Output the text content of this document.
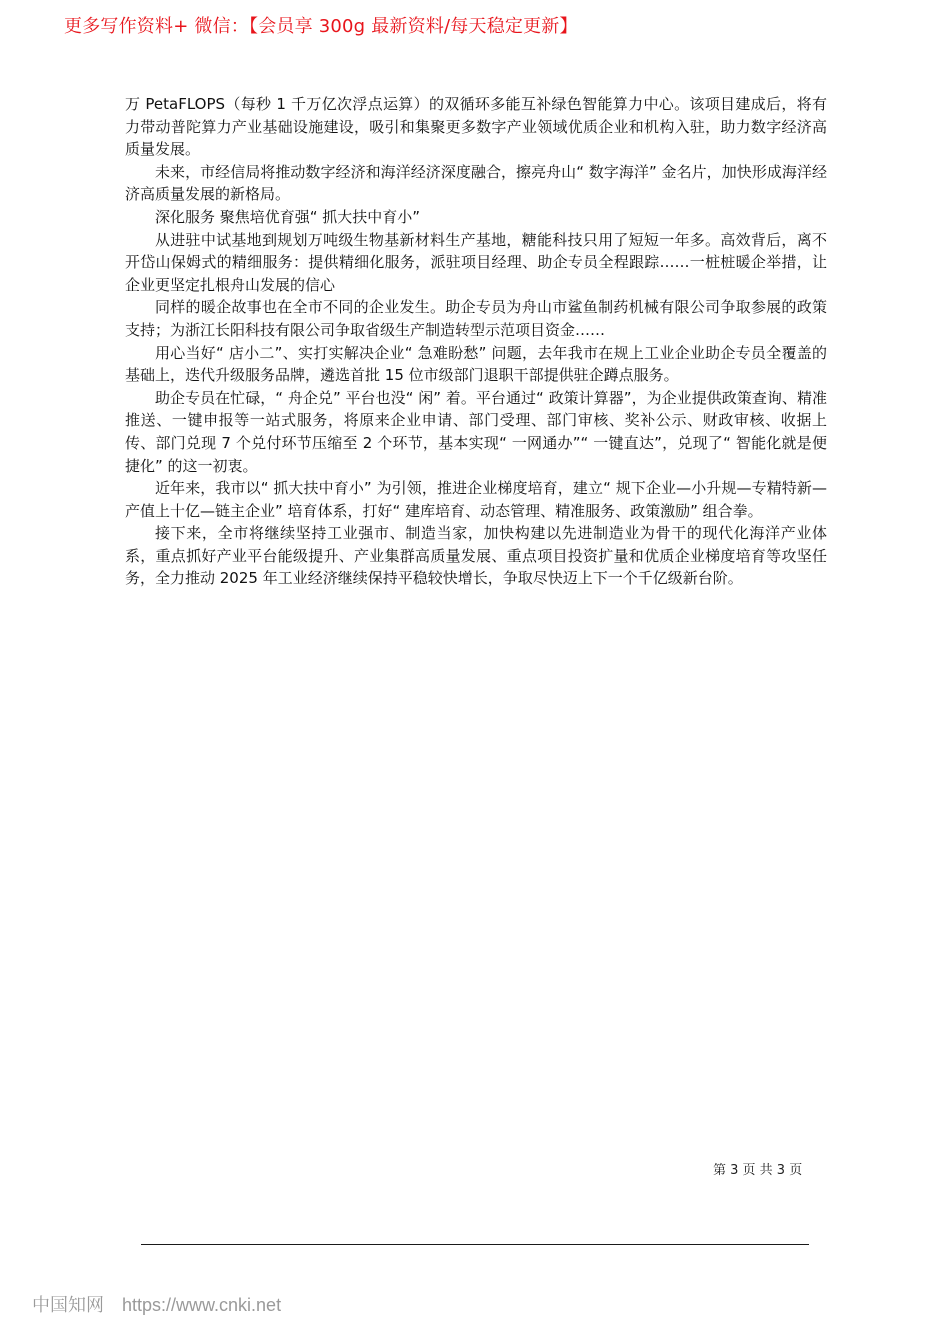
更多写作资料+ 微信：【会员享 300g 最新资料/每天稳定更新】

万 PetaFLOPS（每秒 1 千万亿次浮点运算）的双循环多能互补绿色智能算力中心。该项目建成后，将有力带动普陀算力产业基础设施建设，吸引和集聚更多数字产业领域优质企业和机构入驻，助力数字经济高质量发展。

未来，市经信局将推动数字经济和海洋经济深度融合，擦亮舟山“ 数字海洋” 金名片，加快形成海洋经济高质量发展的新格局。

深化服务 聚焦培优育强“ 抓大扶中育小”

从进驻中试基地到规划万吨级生物基新材料生产基地，糖能科技只用了短短一年多。高效背后，离不开岱山保姆式的精细服务：提供精细化服务，派驻项目经理、助企专员全程跟踪……一桩桩暖企举措，让企业更坚定扎根舟山发展的信心

同样的暖企故事也在全市不同的企业发生。助企专员为舟山市鲨鱼制药机械有限公司争取参展的政策支持；为浙江长阳科技有限公司争取省级生产制造转型示范项目资金……

用心当好“ 店小二”、实打实解决企业“ 急难盼愁” 问题，去年我市在规上工业企业助企专员全覆盖的基础上，迭代升级服务品牌，遴选首批 15 位市级部门退职干部提供驻企蹲点服务。

助企专员在忙碌，“ 舟企兑” 平台也没“ 闲” 着。平台通过“ 政策计算器”，为企业提供政策查询、精准推送、一键申报等一站式服务，将原来企业申请、部门受理、部门审核、奖补公示、财政审核、收据上传、部门兑现 7 个兑付环节压缩至 2 个环节，基本实现“ 一网通办”“ 一键直达”，兑现了“ 智能化就是便捷化” 的这一初衷。

近年来，我市以“ 抓大扶中育小” 为引领，推进企业梯度培育，建立“ 规下企业—小升规—专精特新—产值上十亿—链主企业” 培育体系，打好“ 建库培育、动态管理、精准服务、政策激励” 组合拳。

接下来，全市将继续坚持工业强市、制造当家，加快构建以先进制造业为骨干的现代化海洋产业体系，重点抓好产业平台能级提升、产业集群高质量发展、重点项目投资扩量和优质企业梯度培育等攻坚任务，全力推动 2025 年工业经济继续保持平稳较快增长，争取尽快迈上下一个千亿级新台阶。

第 3 页 共 3 页
中国知网 https://www.cnki.net
